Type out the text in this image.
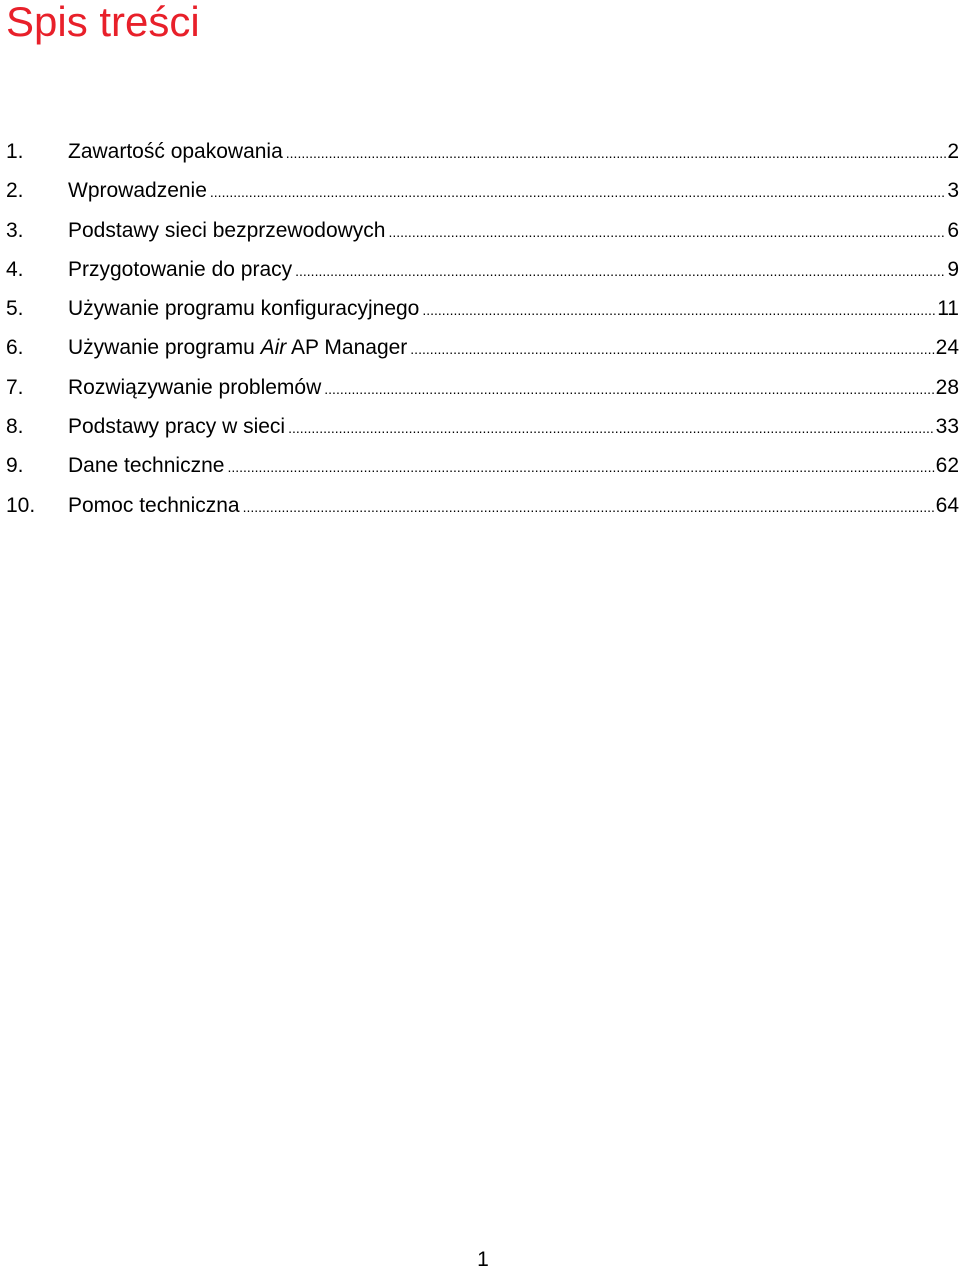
Spis treści
1.	Zawartość opakowania .....	2
2.	Wprowadzenie .....	3
3.	Podstawy sieci bezprzewodowych .....	6
4.	Przygotowanie do pracy .....	9
5.	Używanie programu konfiguracyjnego .....	11
6.	Używanie programu Air AP Manager .....	24
7.	Rozwiązywanie problemów .....	28
8.	Podstawy pracy w sieci .....	33
9.	Dane techniczne .....	62
10.	Pomoc techniczna .....	64
1
